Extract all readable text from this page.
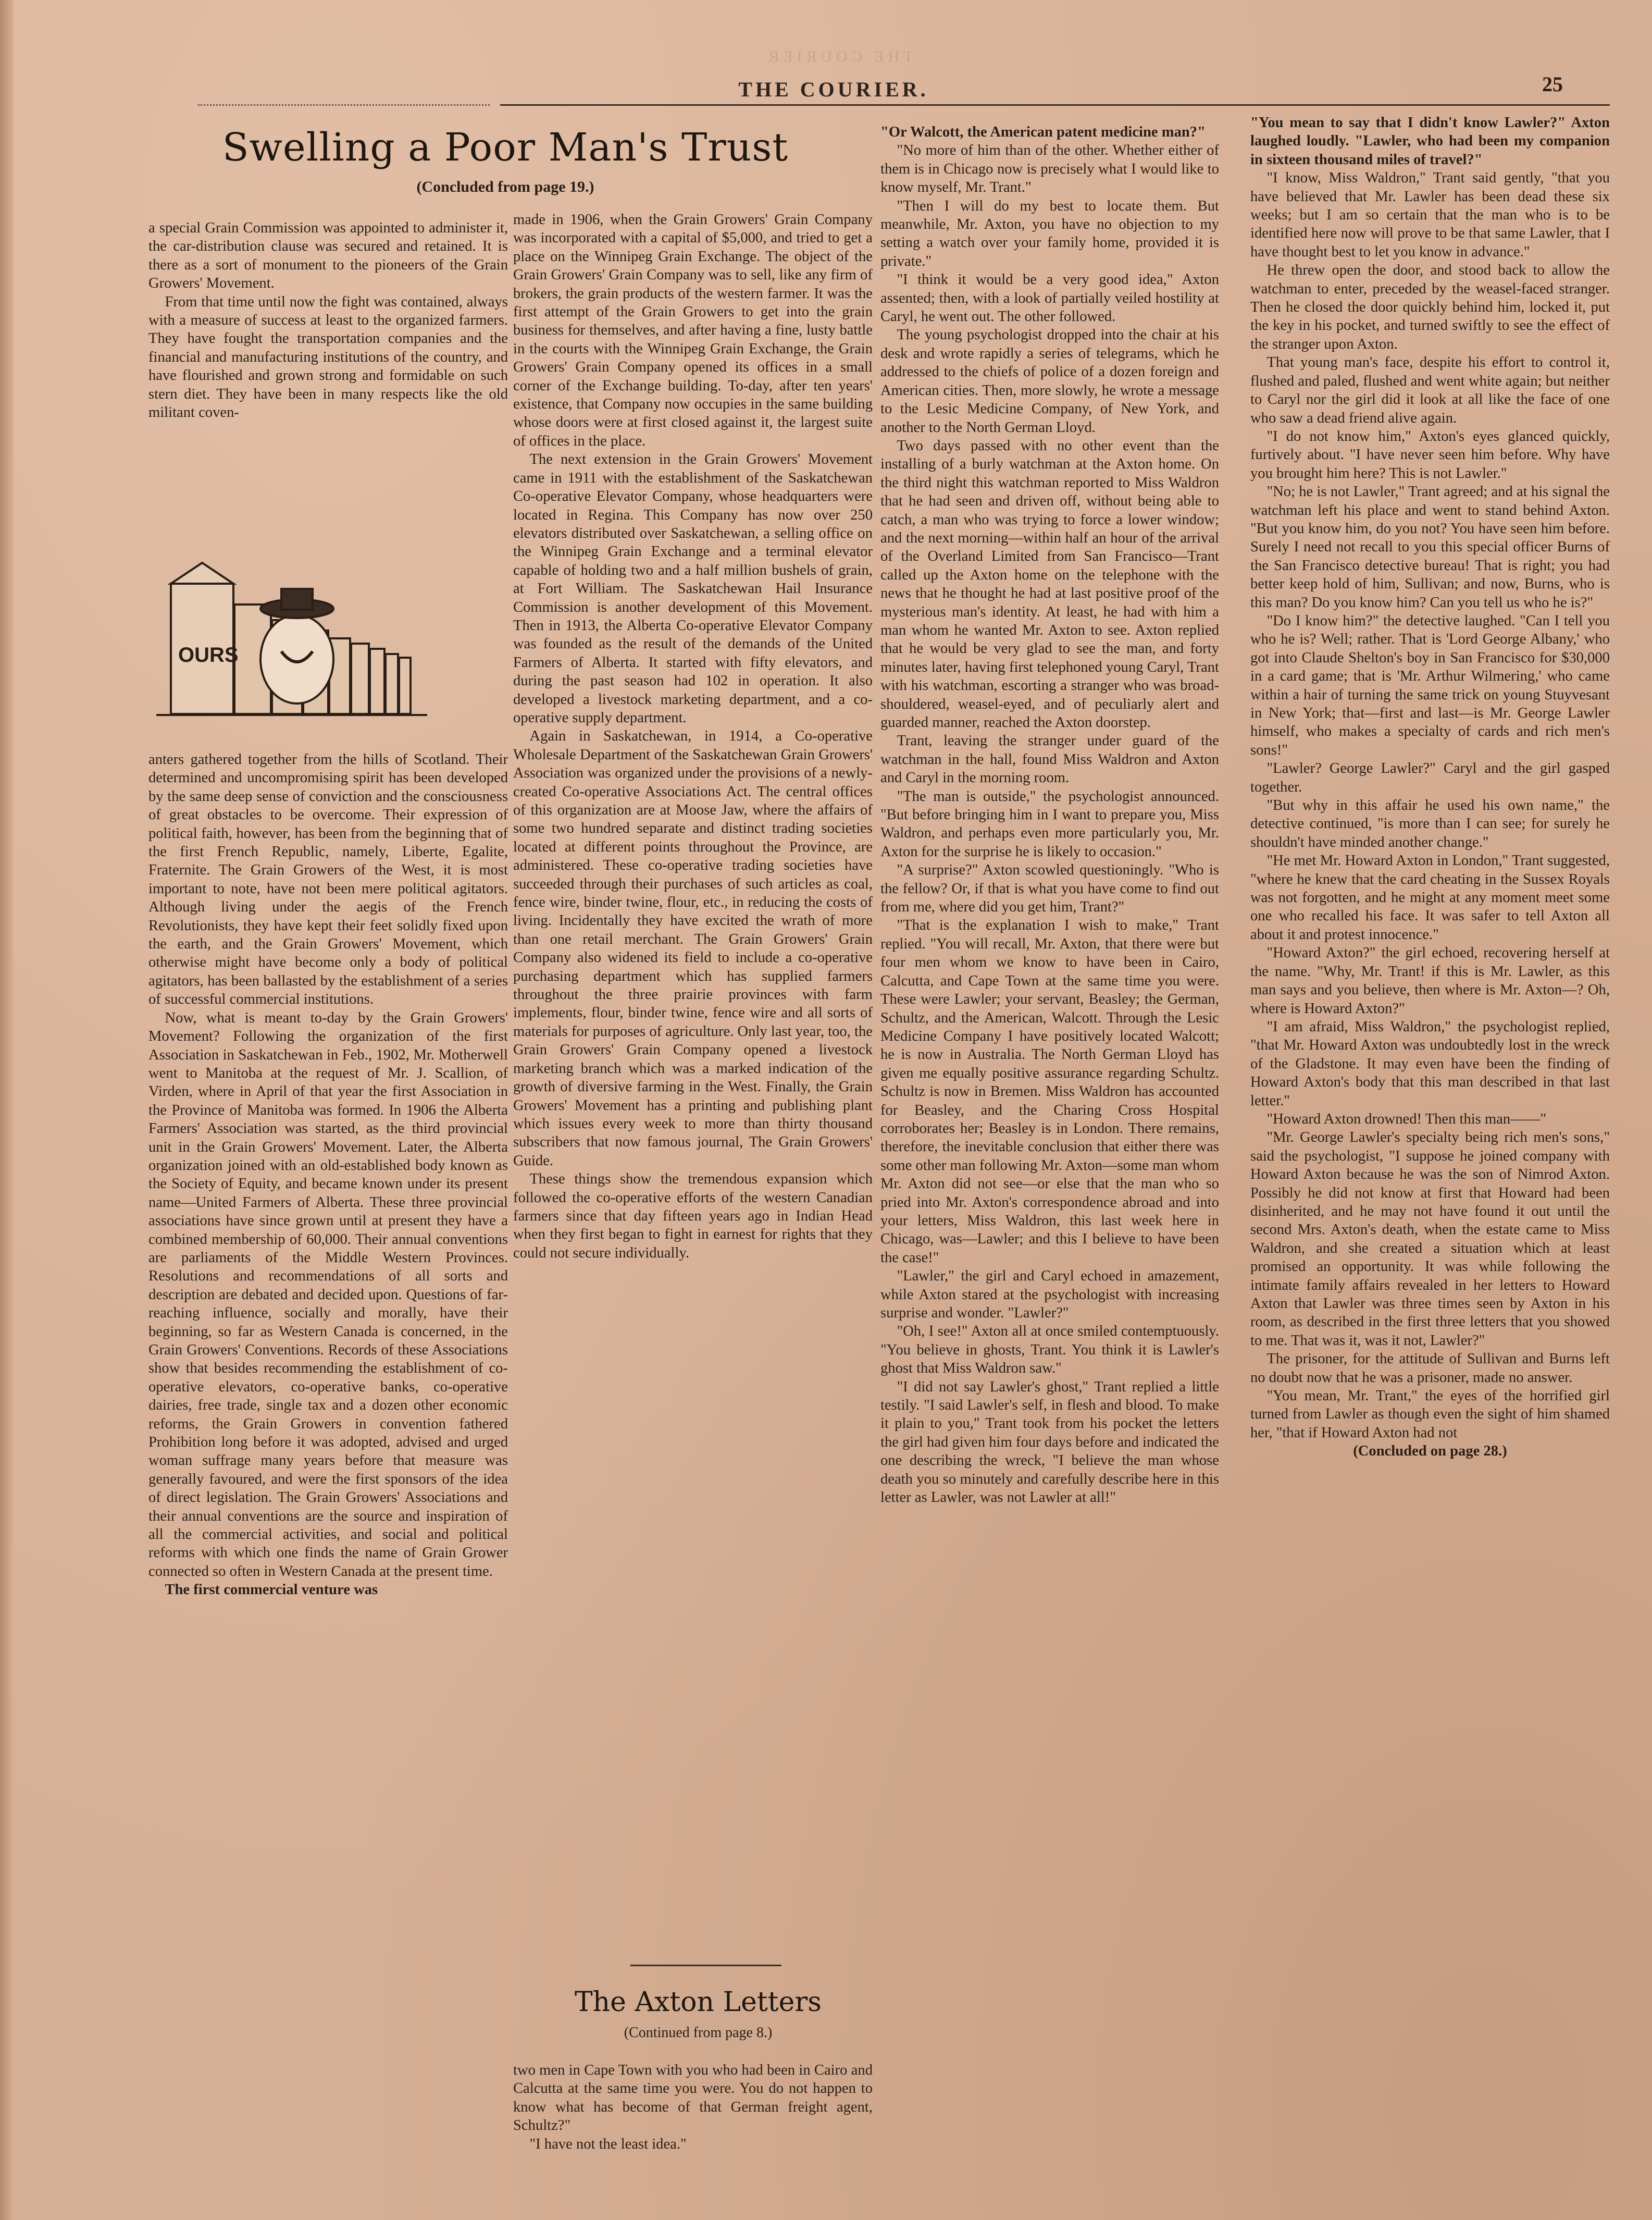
THE COURIER
THE COURIER.	25
Swelling a Poor Man's Trust
(Concluded from page 19.)

a special Grain Commission was appointed to administer it, the car-distribution clause was secured and retained. It is there as a sort of monument to the pioneers of the Grain Growers' Movement.

From that time until now the fight was contained, always with a measure of success at least to the organized farmers. They have fought the transportation companies and the financial and manufacturing institutions of the country, and have flourished and grown strong and formidable on such stern diet. They have been in many respects like the old militant coven-

OURS

anters gathered together from the hills of Scotland. Their determined and uncompromising spirit has been developed by the same deep sense of conviction and the consciousness of great obstacles to be overcome. Their expression of political faith, however, has been from the beginning that of the first French Republic, namely, Liberte, Egalite, Fraternite. The Grain Growers of the West, it is most important to note, have not been mere political agitators. Although living under the aegis of the French Revolutionists, they have kept their feet solidly fixed upon the earth, and the Grain Growers' Movement, which otherwise might have become only a body of political agitators, has been ballasted by the establishment of a series of successful commercial institutions.

Now, what is meant to-day by the Grain Growers' Movement? Following the organization of the first Association in Saskatchewan in Feb., 1902, Mr. Motherwell went to Manitoba at the request of Mr. J. Scallion, of Virden, where in April of that year the first Association in the Province of Manitoba was formed. In 1906 the Alberta Farmers' Association was started, as the third provincial unit in the Grain Growers' Movement. Later, the Alberta organization joined with an old-established body known as the Society of Equity, and became known under its present name—United Farmers of Alberta. These three provincial associations have since grown until at present they have a combined membership of 60,000. Their annual conventions are parliaments of the Middle Western Provinces. Resolutions and recommendations of all sorts and description are debated and decided upon. Questions of far-reaching influence, socially and morally, have their beginning, so far as Western Canada is concerned, in the Grain Growers' Conventions. Records of these Associations show that besides recommending the establishment of co-operative elevators, co-operative banks, co-operative dairies, free trade, single tax and a dozen other economic reforms, the Grain Growers in convention fathered Prohibition long before it was adopted, advised and urged woman suffrage many years before that measure was generally favoured, and were the first sponsors of the idea of direct legislation. The Grain Growers' Associations and their annual conventions are the source and inspiration of all the commercial activities, and social and political reforms with which one finds the name of Grain Grower connected so often in Western Canada at the present time.

The first commercial venture was

made in 1906, when the Grain Growers' Grain Company was incorporated with a capital of $5,000, and tried to get a place on the Winnipeg Grain Exchange. The object of the Grain Growers' Grain Company was to sell, like any firm of brokers, the grain products of the western farmer. It was the first attempt of the Grain Growers to get into the grain business for themselves, and after having a fine, lusty battle in the courts with the Winnipeg Grain Exchange, the Grain Growers' Grain Company opened its offices in a small corner of the Exchange building. To-day, after ten years' existence, that Company now occupies in the same building whose doors were at first closed against it, the largest suite of offices in the place.

The next extension in the Grain Growers' Movement came in 1911 with the establishment of the Saskatchewan Co-operative Elevator Company, whose headquarters were located in Regina. This Company has now over 250 elevators distributed over Saskatchewan, a selling office on the Winnipeg Grain Exchange and a terminal elevator capable of holding two and a half million bushels of grain, at Fort William. The Saskatchewan Hail Insurance Commission is another development of this Movement. Then in 1913, the Alberta Co-operative Elevator Company was founded as the result of the demands of the United Farmers of Alberta. It started with fifty elevators, and during the past season had 102 in operation. It also developed a livestock marketing department, and a co-operative supply department.

Again in Saskatchewan, in 1914, a Co-operative Wholesale Department of the Saskatchewan Grain Growers' Association was organized under the provisions of a newly-created Co-operative Associations Act. The central offices of this organization are at Moose Jaw, where the affairs of some two hundred separate and distinct trading societies located at different points throughout the Province, are administered. These co-operative trading societies have succeeded through their purchases of such articles as coal, fence wire, binder twine, flour, etc., in reducing the costs of living. Incidentally they have excited the wrath of more than one retail merchant. The Grain Growers' Grain Company also widened its field to include a co-operative purchasing department which has supplied farmers throughout the three prairie provinces with farm implements, flour, binder twine, fence wire and all sorts of materials for purposes of agriculture. Only last year, too, the Grain Growers' Grain Company opened a livestock marketing branch which was a marked indication of the growth of diversive farming in the West. Finally, the Grain Growers' Movement has a printing and publishing plant which issues every week to more than thirty thousand subscribers that now famous journal, The Grain Growers' Guide.

These things show the tremendous expansion which followed the co-operative efforts of the western Canadian farmers since that day fifteen years ago in Indian Head when they first began to fight in earnest for rights that they could not secure individually.

The Axton Letters
(Continued from page 8.)

two men in Cape Town with you who had been in Cairo and Calcutta at the same time you were. You do not happen to know what has become of that German freight agent, Schultz?"

"I have not the least idea."

"Or Walcott, the American patent medicine man?"

"No more of him than of the other. Whether either of them is in Chicago now is precisely what I would like to know myself, Mr. Trant."

"Then I will do my best to locate them. But meanwhile, Mr. Axton, you have no objection to my setting a watch over your family home, provided it is private."

"I think it would be a very good idea," Axton assented; then, with a look of partially veiled hostility at Caryl, he went out. The other followed.

The young psychologist dropped into the chair at his desk and wrote rapidly a series of telegrams, which he addressed to the chiefs of police of a dozen foreign and American cities. Then, more slowly, he wrote a message to the Lesic Medicine Company, of New York, and another to the North German Lloyd.

Two days passed with no other event than the installing of a burly watchman at the Axton home. On the third night this watchman reported to Miss Waldron that he had seen and driven off, without being able to catch, a man who was trying to force a lower window; and the next morning—within half an hour of the arrival of the Overland Limited from San Francisco—Trant called up the Axton home on the telephone with the news that he thought he had at last positive proof of the mysterious man's identity. At least, he had with him a man whom he wanted Mr. Axton to see. Axton replied that he would be very glad to see the man, and forty minutes later, having first telephoned young Caryl, Trant with his watchman, escorting a stranger who was broad-shouldered, weasel-eyed, and of peculiarly alert and guarded manner, reached the Axton doorstep.

Trant, leaving the stranger under guard of the watchman in the hall, found Miss Waldron and Axton and Caryl in the morning room.

"The man is outside," the psychologist announced. "But before bringing him in I want to prepare you, Miss Waldron, and perhaps even more particularly you, Mr. Axton for the surprise he is likely to occasion."

"A surprise?" Axton scowled questioningly. "Who is the fellow? Or, if that is what you have come to find out from me, where did you get him, Trant?"

"That is the explanation I wish to make," Trant replied. "You will recall, Mr. Axton, that there were but four men whom we know to have been in Cairo, Calcutta, and Cape Town at the same time you were. These were Lawler; your servant, Beasley; the German, Schultz, and the American, Walcott. Through the Lesic Medicine Company I have positively located Walcott; he is now in Australia. The North German Lloyd has given me equally positive assurance regarding Schultz. Schultz is now in Bremen. Miss Waldron has accounted for Beasley, and the Charing Cross Hospital corroborates her; Beasley is in London. There remains, therefore, the inevitable conclusion that either there was some other man following Mr. Axton—some man whom Mr. Axton did not see—or else that the man who so pried into Mr. Axton's correspondence abroad and into your letters, Miss Waldron, this last week here in Chicago, was—Lawler; and this I believe to have been the case!"

"Lawler," the girl and Caryl echoed in amazement, while Axton stared at the psychologist with increasing surprise and wonder. "Lawler?"

"Oh, I see!" Axton all at once smiled contemptuously. "You believe in ghosts, Trant. You think it is Lawler's ghost that Miss Waldron saw."

"I did not say Lawler's ghost," Trant replied a little testily. "I said Lawler's self, in flesh and blood. To make it plain to you," Trant took from his pocket the letters the girl had given him four days before and indicated the one describing the wreck, "I believe the man whose death you so minutely and carefully describe here in this letter as Lawler, was not Lawler at all!"

"You mean to say that I didn't know Lawler?" Axton laughed loudly. "Lawler, who had been my companion in sixteen thousand miles of travel?"

"I know, Miss Waldron," Trant said gently, "that you have believed that Mr. Lawler has been dead these six weeks; but I am so certain that the man who is to be identified here now will prove to be that same Lawler, that I have thought best to let you know in advance."

He threw open the door, and stood back to allow the watchman to enter, preceded by the weasel-faced stranger. Then he closed the door quickly behind him, locked it, put the key in his pocket, and turned swiftly to see the effect of the stranger upon Axton.

That young man's face, despite his effort to control it, flushed and paled, flushed and went white again; but neither to Caryl nor the girl did it look at all like the face of one who saw a dead friend alive again.

"I do not know him," Axton's eyes glanced quickly, furtively about. "I have never seen him before. Why have you brought him here? This is not Lawler."

"No; he is not Lawler," Trant agreed; and at his signal the watchman left his place and went to stand behind Axton. "But you know him, do you not? You have seen him before. Surely I need not recall to you this special officer Burns of the San Francisco detective bureau! That is right; you had better keep hold of him, Sullivan; and now, Burns, who is this man? Do you know him? Can you tell us who he is?"

"Do I know him?" the detective laughed. "Can I tell you who he is? Well; rather. That is 'Lord George Albany,' who got into Claude Shelton's boy in San Francisco for $30,000 in a card game; that is 'Mr. Arthur Wilmering,' who came within a hair of turning the same trick on young Stuyvesant in New York; that—first and last—is Mr. George Lawler himself, who makes a specialty of cards and rich men's sons!"

"Lawler? George Lawler?" Caryl and the girl gasped together.

"But why in this affair he used his own name," the detective continued, "is more than I can see; for surely he shouldn't have minded another change."

"He met Mr. Howard Axton in London," Trant suggested, "where he knew that the card cheating in the Sussex Royals was not forgotten, and he might at any moment meet some one who recalled his face. It was safer to tell Axton all about it and protest innocence."

"Howard Axton?" the girl echoed, recovering herself at the name. "Why, Mr. Trant! if this is Mr. Lawler, as this man says and you believe, then where is Mr. Axton—? Oh, where is Howard Axton?"

"I am afraid, Miss Waldron," the psychologist replied, "that Mr. Howard Axton was undoubtedly lost in the wreck of the Gladstone. It may even have been the finding of Howard Axton's body that this man described in that last letter."

"Howard Axton drowned! Then this man——"

"Mr. George Lawler's specialty being rich men's sons," said the psychologist, "I suppose he joined company with Howard Axton because he was the son of Nimrod Axton. Possibly he did not know at first that Howard had been disinherited, and he may not have found it out until the second Mrs. Axton's death, when the estate came to Miss Waldron, and she created a situation which at least promised an opportunity. It was while following the intimate family affairs revealed in her letters to Howard Axton that Lawler was three times seen by Axton in his room, as described in the first three letters that you showed to me. That was it, was it not, Lawler?"

The prisoner, for the attitude of Sullivan and Burns left no doubt now that he was a prisoner, made no answer.

"You mean, Mr. Trant," the eyes of the horrified girl turned from Lawler as though even the sight of him shamed her, "that if Howard Axton had not

(Concluded on page 28.)
